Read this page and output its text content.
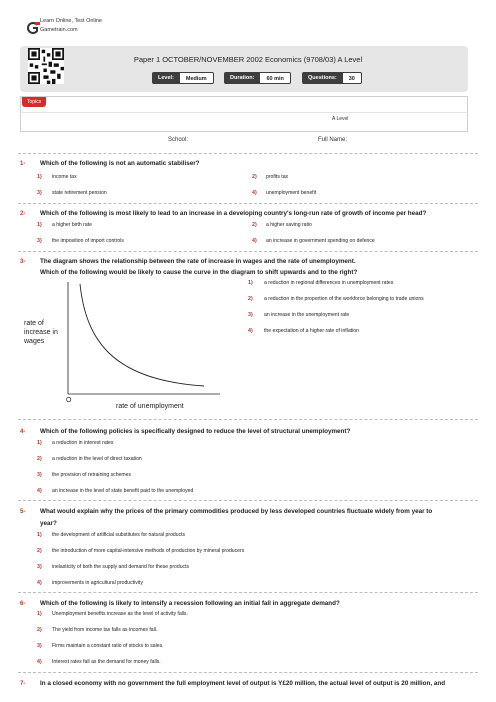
Learn Online, Test Online
Gametrain.com
Paper 1 OCTOBER/NOVEMBER 2002 Economics (9708/03) A Level
Level:	Medium	Duration:	60 min	Questions:	30
Topics
A Level
School:	Full Name:
1- Which of the following is not an automatic stabiliser?
1) income tax	2) profits tax
3) state retirement pension	4) unemployment benefit
2- Which of the following is most likely to lead to an increase in a developing country's long-run rate of growth of income per head?
1) a higher birth rate	2) a higher saving ratio
3) the imposition of import controls	4) an increase in government spending on defence
3- The diagram shows the relationship between the rate of increase in wages and the rate of unemployment.
Which of the following would be likely to cause the curve in the diagram to shift upwards and to the right?
rate of
increase in
wages
O
rate of unemployment
1) a reduction in regional differences in unemployment rates
2) a reduction in the proportion of the workforce belonging to trade unions
3) an increase in the unemployment rate
4) the expectation of a higher rate of inflation
4- Which of the following policies is specifically designed to reduce the level of structural unemployment?
1) a reduction in interest rates
2) a reduction in the level of direct taxation
3) the provision of retraining schemes
4) an increase in the level of state benefit paid to the unemployed
5- What would explain why the prices of the primary commodities produced by less developed countries fluctuate widely from year to
year?
1) the development of artificial substitutes for natural products
2) the introduction of more capital-intensive methods of production by mineral producers
3) inelasticity of both the supply and demand for these products
4) improvements in agricultural productivity
6- Which of the following is likely to intensify a recession following an initial fall in aggregate demand?
1) Unemployment benefits increase as the level of activity falls.
2) The yield from income tax falls as incomes fall.
3) Firms maintain a constant ratio of stocks to sales.
4) Interest rates fall as the demand for money falls.
7- In a closed economy with no government the full employment level of output is Y£20 million, the actual level of output is 20 million, and
